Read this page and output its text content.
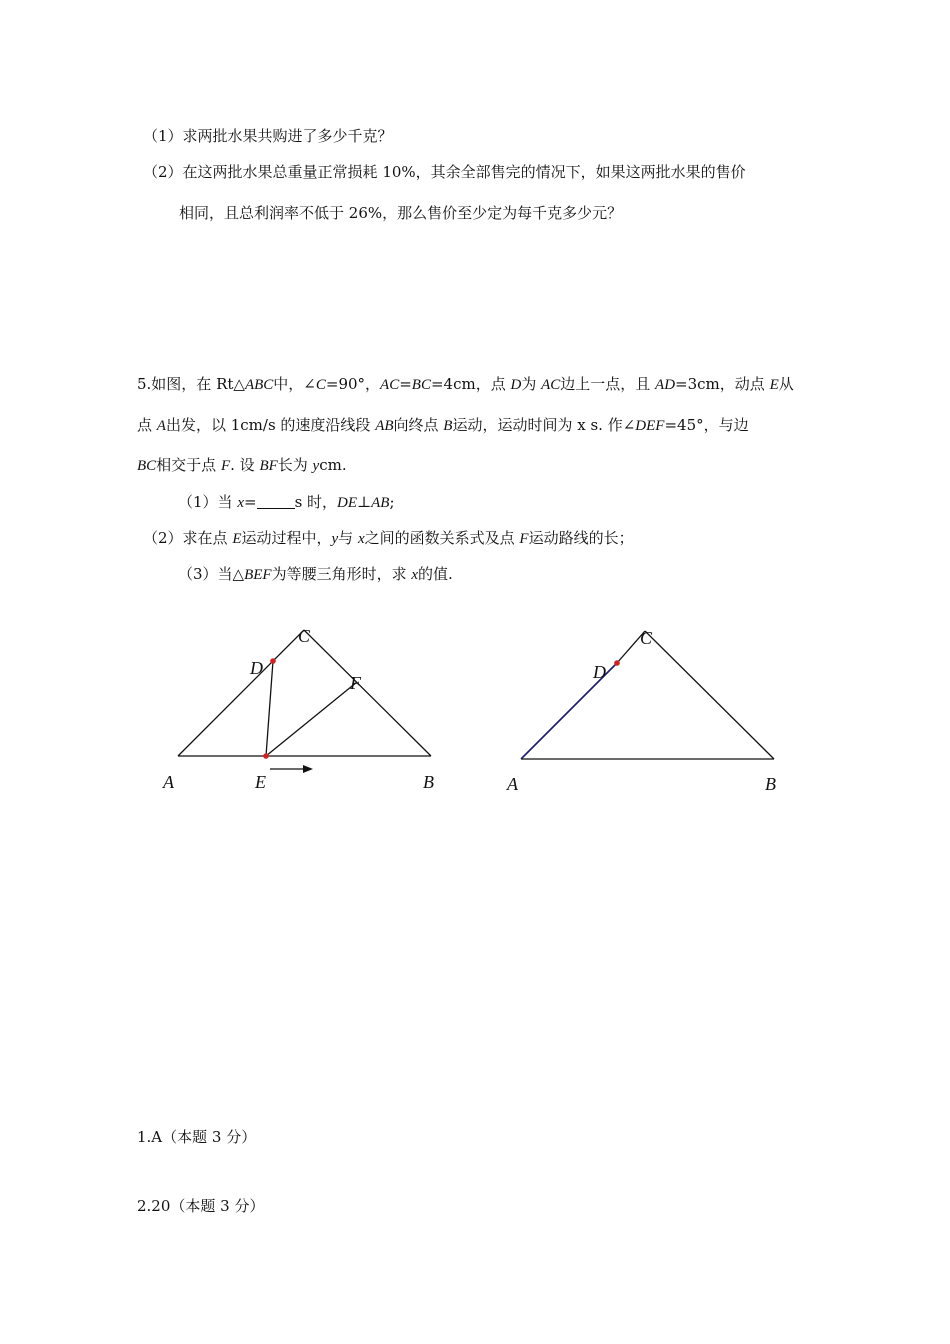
（1）求两批水果共购进了多少千克？
（2）在这两批水果总重量正常损耗 10%，其余全部售完的情况下，如果这两批水果的售价
相同，且总利润率不低于 26%，那么售价至少定为每千克多少元？
5.如图，在 Rt△ABC中，∠C=90°，AC=BC=4cm，点 D为 AC边上一点，且 AD=3cm，动点 E从
点 A出发，以 1cm/s 的速度沿线段 AB向终点 B运动，运动时间为 x s. 作∠DEF=45°，与边
BC相交于点 F. 设 BF长为 ycm.
（1）当 x=	s 时，DE⊥AB;
（2）求在点 E运动过程中，y与 x之间的函数关系式及点 F运动路线的长；
（3）当△BEF为等腰三角形时，求 x的值.
A	E	B
C
D
F
A	B
C
D
1.A（本题 3 分）
2.20（本题 3 分）
